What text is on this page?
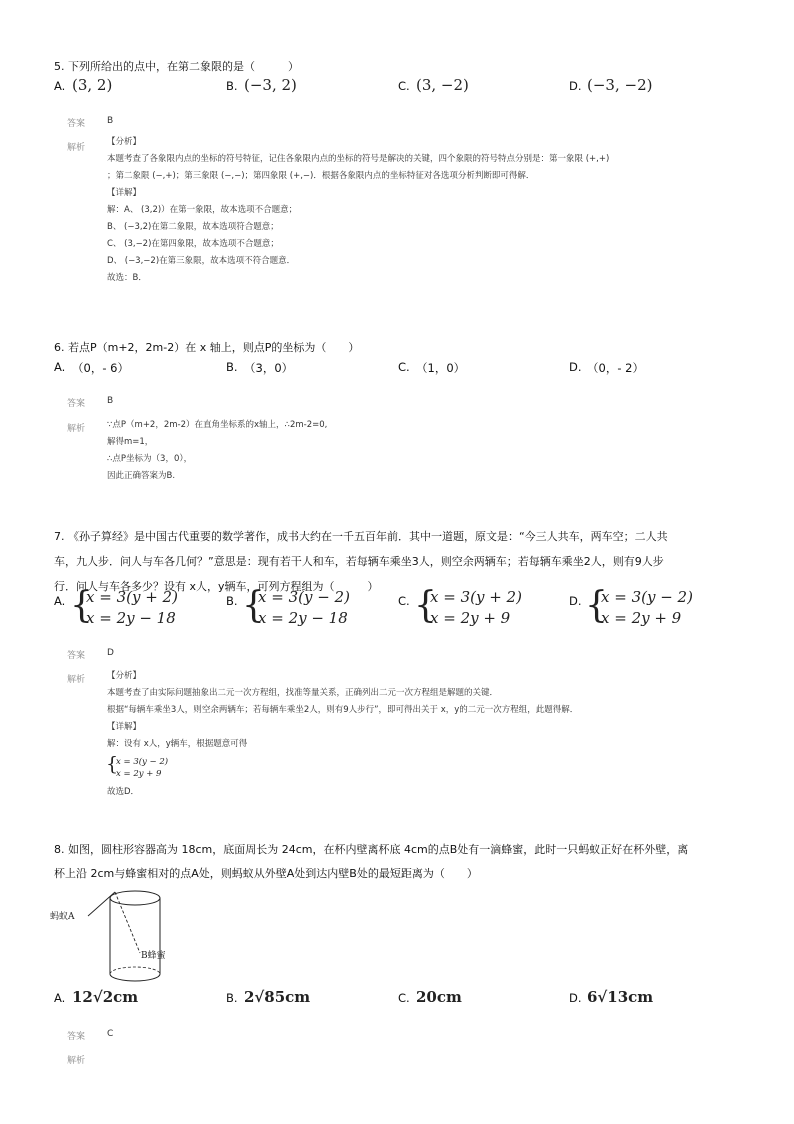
5. 下列所给出的点中，在第二象限的是（　　　）
A. (3, 2)	B. (−3, 2)	C. (3, −2)	D. (−3, −2)
答案 B
解析
【分析】
本题考查了各象限内点的坐标的符号特征，记住各象限内点的坐标的符号是解决的关键，四个象限的符号特点分别是：第一象限 (+,+)
；第二象限 (−,+)；第三象限 (−,−)；第四象限 (+,−)．根据各象限内点的坐标特征对各选项分析判断即可得解．
【详解】
解：A、 (3,2)）在第一象限，故本选项不合题意；
B、 (−3,2)在第二象限，故本选项符合题意；
C、 (3,−2)在第四象限，故本选项不合题意；
D、 (−3,−2)在第三象限，故本选项不符合题意．
故选：B．
6. 若点P（m+2，2m-2）在 x 轴上，则点P的坐标为（　　）
A. （0，- 6）	B. （3，0）	C. （1，0）	D. （0，- 2）
答案 B
解析	∵点P（m+2，2m-2）在直角坐标系的x轴上，∴2m-2=0,
解得m=1，
∴点P坐标为（3，0），
因此正确答案为B.
7. 《孙子算经》是中国古代重要的数学著作，成书大约在一千五百年前．其中一道题，原文是：“今三人共车，两车空；二人共
车，九人步．问人与车各几何？”意思是：现有若干人和车，若每辆车乘坐3人，则空余两辆车；若每辆车乘坐2人，则有9人步
行．问人与车各多少？设有 x人，y辆车，可列方程组为（　　　）
A. {
x = 3(y + 2)
x = 2y − 18
B. {
x = 3(y − 2)
x = 2y − 18
C. {
x = 3(y + 2)
x = 2y + 9
D. {
x = 3(y − 2)
x = 2y + 9
答案 D
解析	【分析】
本题考查了由实际问题抽象出二元一次方程组，找准等量关系，正确列出二元一次方程组是解题的关键．
根据“每辆车乘坐3人，则空余两辆车；若每辆车乘坐2人，则有9人步行”，即可得出关于 x，y的二元一次方程组，此题得解．
【详解】
解：设有 x人，y辆车，根据题意可得
{
x = 3(y − 2)
x = 2y + 9
故选D．
8. 如图，圆柱形容器高为 18cm，底面周长为 24cm，在杯内壁离杯底 4cm的点B处有一滴蜂蜜，此时一只蚂蚁正好在杯外壁，离
杯上沿 2cm与蜂蜜相对的点A处，则蚂蚁从外壁A处到达内壁B处的最短距离为（　　）
蚂蚁A
B蜂蜜
A. 12√2cm	B. 2√85cm	C. 20cm	D. 6√13cm
答案 C
解析
